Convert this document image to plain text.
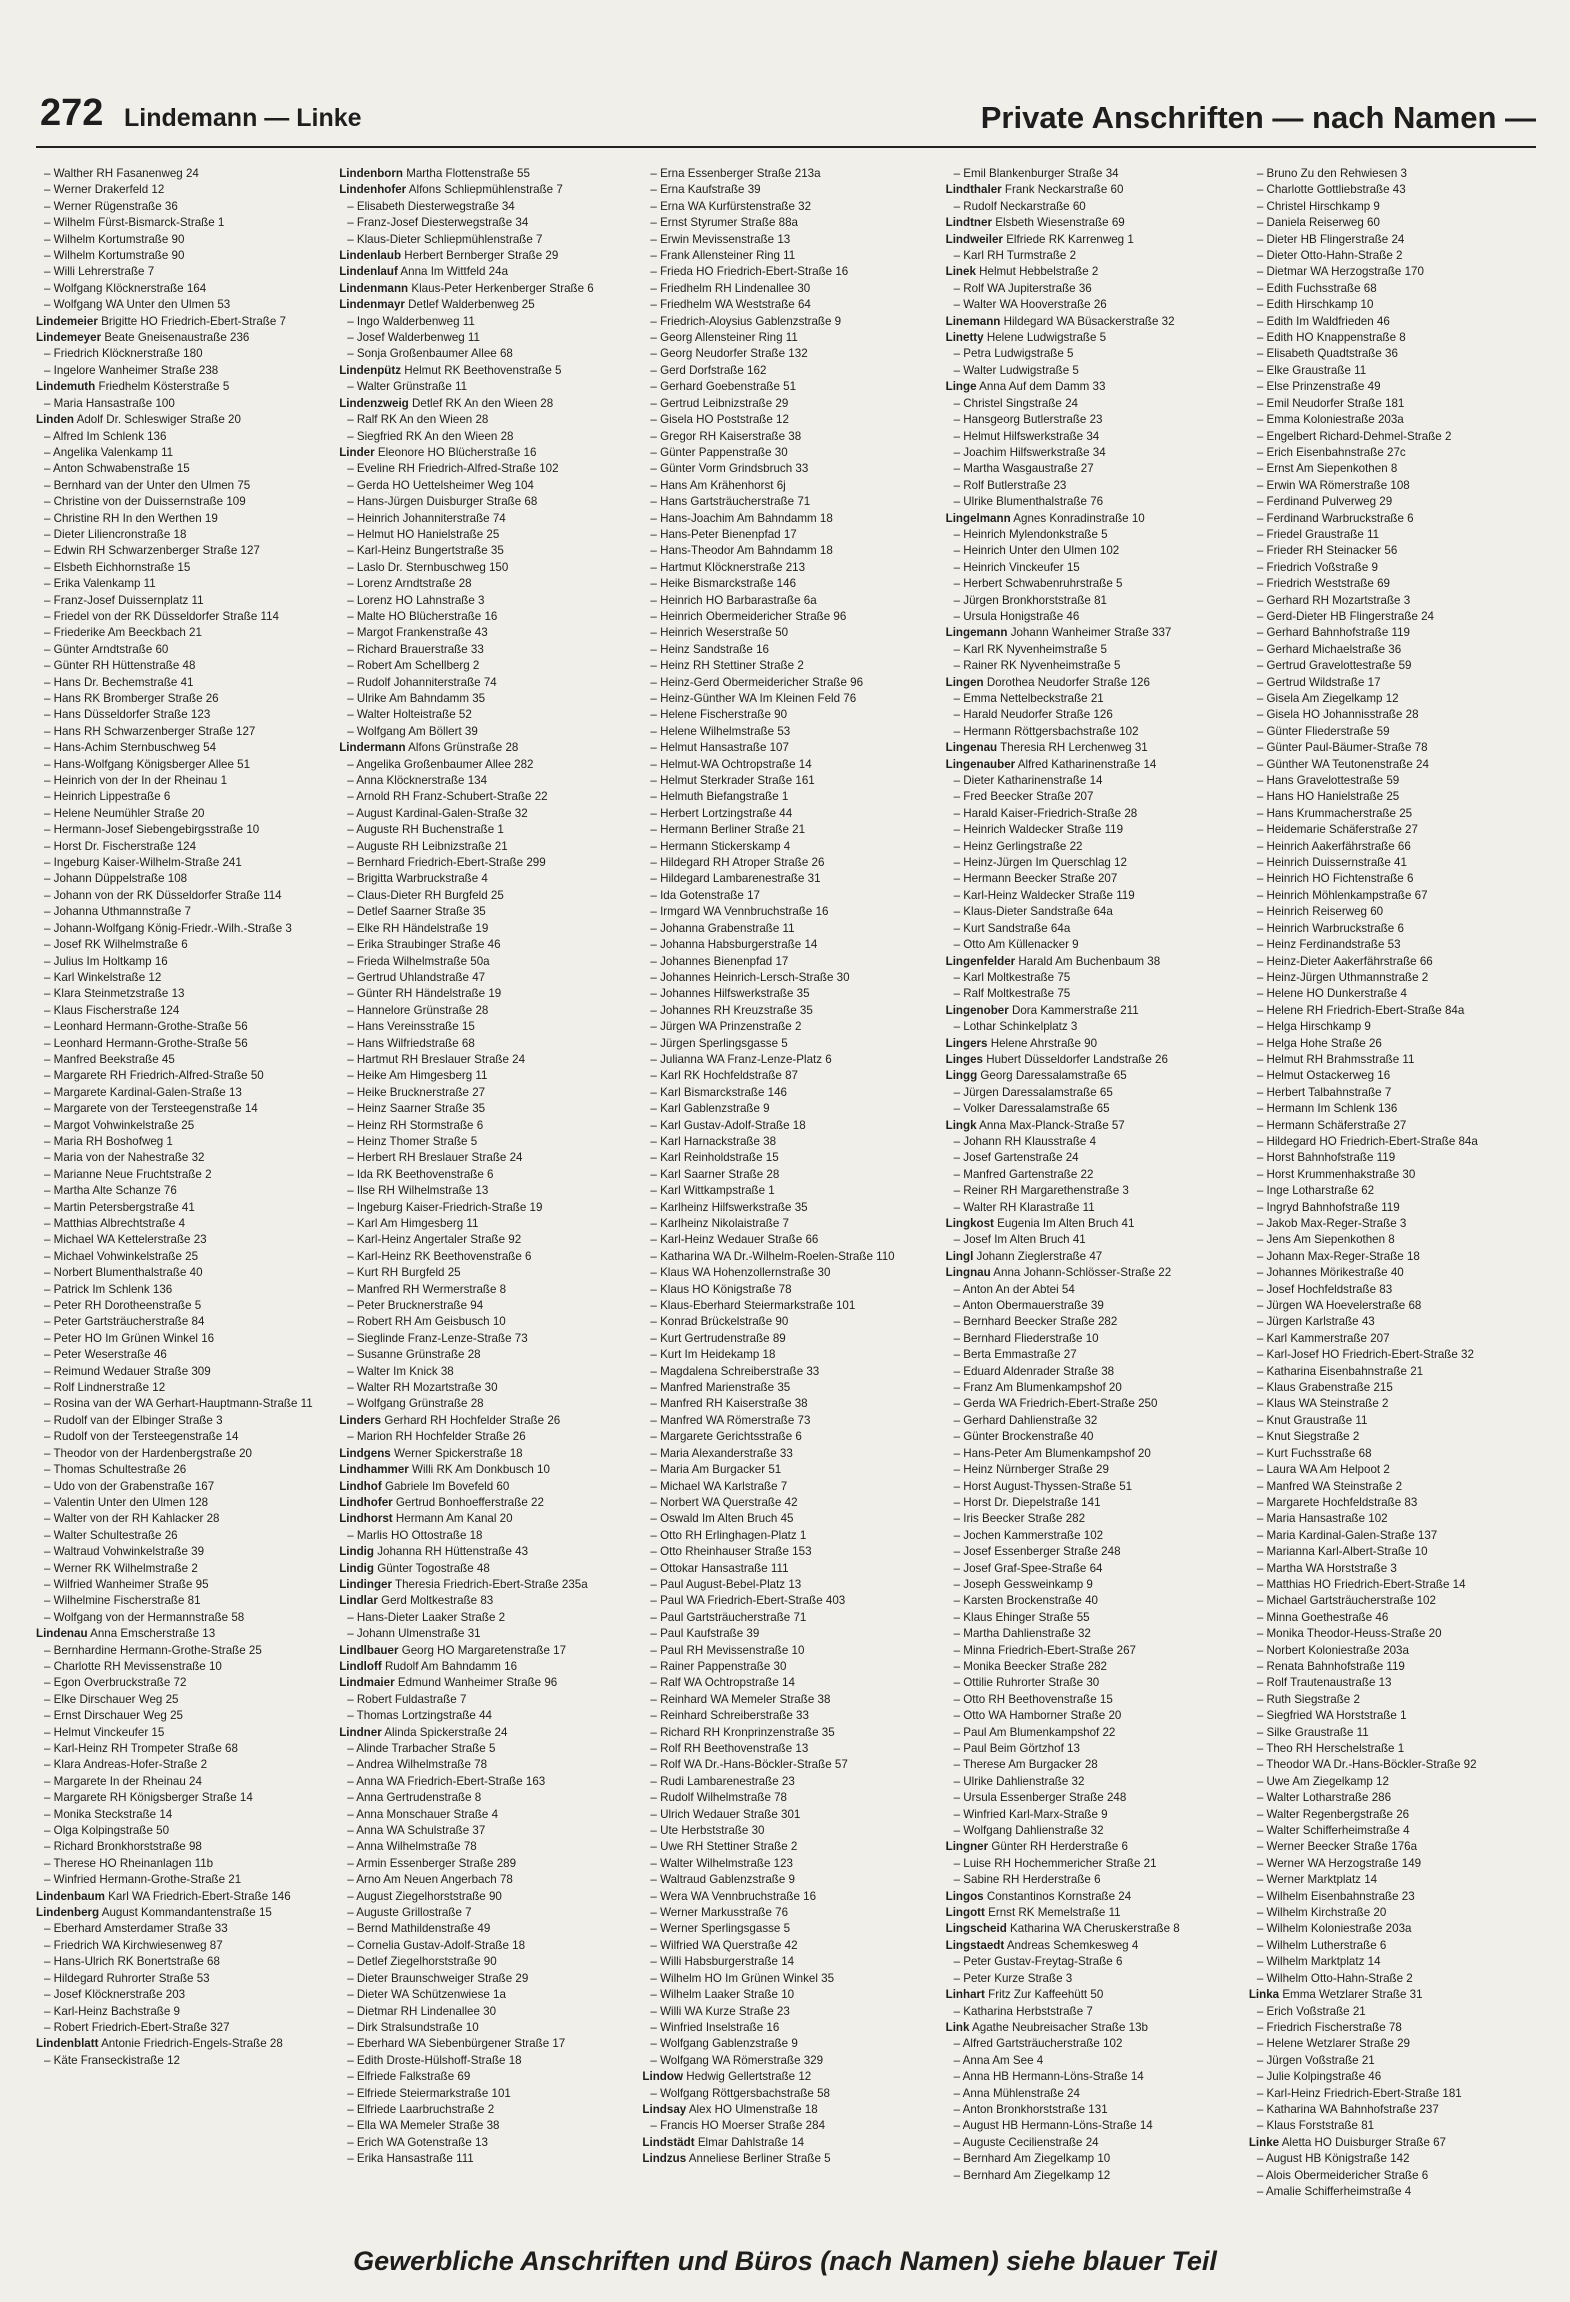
272 Lindemann — Linke	Private Anschriften — nach Namen —
– Walther RH Fasanenweg 24
– Werner Drakerfeld 12
– Werner Rügenstraße 36
– Wilhelm Fürst-Bismarck-Straße 1
– Wilhelm Kortumstraße 90
– Wilhelm Kortumstraße 90
– Willi Lehrerstraße 7
– Wolfgang Klöcknerstraße 164
– Wolfgang WA Unter den Ulmen 53
Lindemeier Brigitte HO Friedrich-Ebert-Straße 7
Lindemeyer Beate Gneisenaustraße 236
– Friedrich Klöcknerstraße 180
– Ingelore Wanheimer Straße 238
Lindemuth Friedhelm Kösterstraße 5
– Maria Hansastraße 100
Linden Adolf Dr. Schleswiger Straße 20
– Alfred Im Schlenk 136
– Angelika Valenkamp 11
– Anton Schwabenstraße 15
– Bernhard van der Unter den Ulmen 75
– Christine von der Duissernstraße 109
– Christine RH In den Werthen 19
– Dieter Liliencronstraße 18
– Edwin RH Schwarzenberger Straße 127
– Elsbeth Eichhornstraße 15
– Erika Valenkamp 11
– Franz-Josef Duissernplatz 11
– Friedel von der RK Düsseldorfer Straße 114
– Friederike Am Beeckbach 21
– Günter Arndtstraße 60
– Günter RH Hüttenstraße 48
– Hans Dr. Bechemstraße 41
– Hans RK Bromberger Straße 26
– Hans Düsseldorfer Straße 123
– Hans RH Schwarzenberger Straße 127
– Hans-Achim Sternbuschweg 54
– Hans-Wolfgang Königsberger Allee 51
– Heinrich von der In der Rheinau 1
– Heinrich Lippestraße 6
– Helene Neumühler Straße 20
– Hermann-Josef Siebengebirgsstraße 10
– Horst Dr. Fischerstraße 124
– Ingeburg Kaiser-Wilhelm-Straße 241
– Johann Düppelstraße 108
– Johann von der RK Düsseldorfer Straße 114
– Johanna Uthmannstraße 7
– Johann-Wolfgang König-Friedr.-Wilh.-Straße 3
– Josef RK Wilhelmstraße 6
– Julius Im Holtkamp 16
– Karl Winkelstraße 12
– Klara Steinmetzstraße 13
– Klaus Fischerstraße 124
– Leonhard Hermann-Grothe-Straße 56
– Leonhard Hermann-Grothe-Straße 56
– Manfred Beekstraße 45
– Margarete RH Friedrich-Alfred-Straße 50
– Margarete Kardinal-Galen-Straße 13
– Margarete von der Tersteegenstraße 14
– Margot Vohwinkelstraße 25
– Maria RH Boshofweg 1
– Maria von der Nahestraße 32
– Marianne Neue Fruchtstraße 2
– Martha Alte Schanze 76
– Martin Petersbergstraße 41
– Matthias Albrechtstraße 4
– Michael WA Kettelerstraße 23
– Michael Vohwinkelstraße 25
– Norbert Blumenthalstraße 40
– Patrick Im Schlenk 136
– Peter RH Dorotheenstraße 5
– Peter Gartsträucherstraße 84
– Peter HO Im Grünen Winkel 16
– Peter Weserstraße 46
– Reimund Wedauer Straße 309
– Rolf Lindnerstraße 12
– Rosina van der WA Gerhart-Hauptmann-Straße 11
– Rudolf van der Elbinger Straße 3
– Rudolf von der Tersteegenstraße 14
– Theodor von der Hardenbergstraße 20
– Thomas Schultestraße 26
– Udo von der Grabenstraße 167
– Valentin Unter den Ulmen 128
– Walter von der RH Kahlacker 28
– Walter Schultestraße 26
– Waltraud Vohwinkelstraße 39
– Werner RK Wilhelmstraße 2
– Wilfried Wanheimer Straße 95
– Wilhelmine Fischerstraße 81
– Wolfgang von der Hermannstraße 58
Lindenau Anna Emscherstraße 13
– Bernhardine Hermann-Grothe-Straße 25
– Charlotte RH Mevissenstraße 10
– Egon Overbruckstraße 72
– Elke Dirschauer Weg 25
– Ernst Dirschauer Weg 25
– Helmut Vinckeufer 15
– Karl-Heinz RH Trompeter Straße 68
– Klara Andreas-Hofer-Straße 2
– Margarete In der Rheinau 24
– Margarete RH Königsberger Straße 14
– Monika Steckstraße 14
– Olga Kolpingstraße 50
– Richard Bronkhorststraße 98
– Therese HO Rheinanlagen 11b
– Winfried Hermann-Grothe-Straße 21
Lindenbaum Karl WA Friedrich-Ebert-Straße 146
Lindenberg August Kommandantenstraße 15
– Eberhard Amsterdamer Straße 33
– Friedrich WA Kirchwiesenweg 87
– Hans-Ulrich RK Bonertstraße 68
– Hildegard Ruhrorter Straße 53
– Josef Klöcknerstraße 203
– Karl-Heinz Bachstraße 9
– Robert Friedrich-Ebert-Straße 327
Lindenblatt Antonie Friedrich-Engels-Straße 28
– Käte Franseckistraße 12
Lindenborn Martha Flottenstraße 55
Lindenhofer Alfons Schliepmühlenstraße 7
– Elisabeth Diesterwegstraße 34
– Franz-Josef Diesterwegstraße 34
– Klaus-Dieter Schliepmühlenstraße 7
Lindenlaub Herbert Bernberger Straße 29
Lindenlauf Anna Im Wittfeld 24a
Lindenmann Klaus-Peter Herkenberger Straße 6
Lindenmayr Detlef Walderbenweg 25
– Ingo Walderbenweg 11
– Josef Walderbenweg 11
– Sonja Großenbaumer Allee 68
Lindenpütz Helmut RK Beethovenstraße 5
– Walter Grünstraße 11
Lindenzweig Detlef RK An den Wieen 28
– Ralf RK An den Wieen 28
– Siegfried RK An den Wieen 28
Linder Eleonore HO Blücherstraße 16
– Eveline RH Friedrich-Alfred-Straße 102
– Gerda HO Uettelsheimer Weg 104
– Hans-Jürgen Duisburger Straße 68
– Heinrich Johanniterstraße 74
– Helmut HO Hanielstraße 25
– Karl-Heinz Bungertstraße 35
– Laslo Dr. Sternbuschweg 150
– Lorenz Arndtstraße 28
– Lorenz HO Lahnstraße 3
– Malte HO Blücherstraße 16
– Margot Frankenstraße 43
– Richard Brauerstraße 33
– Robert Am Schellberg 2
– Rudolf Johanniterstraße 74
– Ulrike Am Bahndamm 35
– Walter Holteistraße 52
– Wolfgang Am Böllert 39
Lindermann Alfons Grünstraße 28
– Angelika Großenbaumer Allee 282
– Anna Klöcknerstraße 134
– Arnold RH Franz-Schubert-Straße 22
– August Kardinal-Galen-Straße 32
– Auguste RH Buchenstraße 1
– Auguste RH Leibnizstraße 21
– Bernhard Friedrich-Ebert-Straße 299
– Brigitta Warbruckstraße 4
– Claus-Dieter RH Burgfeld 25
– Detlef Saarner Straße 35
– Elke RH Händelstraße 19
– Erika Straubinger Straße 46
– Frieda Wilhelmstraße 50a
– Gertrud Uhlandstraße 47
– Günter RH Händelstraße 19
– Hannelore Grünstraße 28
– Hans Vereinsstraße 15
– Hans Wilfriedstraße 68
– Hartmut RH Breslauer Straße 24
– Heike Am Himgesberg 11
– Heike Brucknerstraße 27
– Heinz Saarner Straße 35
– Heinz RH Stormstraße 6
– Heinz Thomer Straße 5
– Herbert RH Breslauer Straße 24
– Ida RK Beethovenstraße 6
– Ilse RH Wilhelmstraße 13
– Ingeburg Kaiser-Friedrich-Straße 19
– Karl Am Himgesberg 11
– Karl-Heinz Angertaler Straße 92
– Karl-Heinz RK Beethovenstraße 6
– Kurt RH Burgfeld 25
– Manfred RH Wermerstraße 8
– Peter Brucknerstraße 94
– Robert RH Am Geisbusch 10
– Sieglinde Franz-Lenze-Straße 73
– Susanne Grünstraße 28
– Walter Im Knick 38
– Walter RH Mozartstraße 30
– Wolfgang Grünstraße 28
Linders Gerhard RH Hochfelder Straße 26
– Marion RH Hochfelder Straße 26
Lindgens Werner Spickerstraße 18
Lindhammer Willi RK Am Donkbusch 10
Lindhof Gabriele Im Bovefeld 60
Lindhofer Gertrud Bonhoefferstraße 22
Lindhorst Hermann Am Kanal 20
– Marlis HO Ottostraße 18
Lindig Johanna RH Hüttenstraße 43
Lindig Günter Togostraße 48
Lindinger Theresia Friedrich-Ebert-Straße 235a
Lindlar Gerd Moltkestraße 83
– Hans-Dieter Laaker Straße 2
– Johann Ulmenstraße 31
Lindlbauer Georg HO Margaretenstraße 17
Lindloff Rudolf Am Bahndamm 16
Lindmaier Edmund Wanheimer Straße 96
– Robert Fuldastraße 7
– Thomas Lortzingstraße 44
Lindner Alinda Spickerstraße 24
– Alinde Trarbacher Straße 5
– Andrea Wilhelmstraße 78
– Anna WA Friedrich-Ebert-Straße 163
– Anna Gertrudenstraße 8
– Anna Monschauer Straße 4
– Anna WA Schulstraße 37
– Anna Wilhelmstraße 78
– Armin Essenberger Straße 289
– Arno Am Neuen Angerbach 78
– August Ziegelhorststraße 90
– Auguste Grillostraße 7
– Bernd Mathildenstraße 49
– Cornelia Gustav-Adolf-Straße 18
– Detlef Ziegelhorststraße 90
– Dieter Braunschweiger Straße 29
– Dieter WA Schützenwiese 1a
– Dietmar RH Lindenallee 30
– Dirk Stralsundstraße 10
– Eberhard WA Siebenbürgener Straße 17
– Edith Droste-Hülshoff-Straße 18
– Elfriede Falkstraße 69
– Elfriede Steiermarkstraße 101
– Elfriede Laarbruchstraße 2
– Ella WA Memeler Straße 38
– Erich WA Gotenstraße 13
– Erika Hansastraße 111
– Erna Essenberger Straße 213a
– Erna Kaufstraße 39
– Erna WA Kurfürstenstraße 32
– Ernst Styrumer Straße 88a
– Erwin Mevissenstraße 13
– Frank Allensteiner Ring 11
– Frieda HO Friedrich-Ebert-Straße 16
– Friedhelm RH Lindenallee 30
– Friedhelm WA Weststraße 64
– Friedrich-Aloysius Gablenzstraße 9
– Georg Allensteiner Ring 11
– Georg Neudorfer Straße 132
– Gerd Dorfstraße 162
– Gerhard Goebenstraße 51
– Gertrud Leibnizstraße 29
– Gisela HO Poststraße 12
– Gregor RH Kaiserstraße 38
– Günter Pappenstraße 30
– Günter Vorm Grindsbruch 33
– Hans Am Krähenhorst 6j
– Hans Gartsträucherstraße 71
– Hans-Joachim Am Bahndamm 18
– Hans-Peter Bienenpfad 17
– Hans-Theodor Am Bahndamm 18
– Hartmut Klöcknerstraße 213
– Heike Bismarckstraße 146
– Heinrich HO Barbarastraße 6a
– Heinrich Obermeidericher Straße 96
– Heinrich Weserstraße 50
– Heinz Sandstraße 16
– Heinz RH Stettiner Straße 2
– Heinz-Gerd Obermeidericher Straße 96
– Heinz-Günther WA Im Kleinen Feld 76
– Helene Fischerstraße 90
– Helene Wilhelmstraße 53
– Helmut Hansastraße 107
– Helmut-WA Ochtropstraße 14
– Helmut Sterkrader Straße 161
– Helmuth Biefangstraße 1
– Herbert Lortzingstraße 44
– Hermann Berliner Straße 21
– Hermann Stickerskamp 4
– Hildegard RH Atroper Straße 26
– Hildegard Lambarenestraße 31
– Ida Gotenstraße 17
– Irmgard WA Vennbruchstraße 16
– Johanna Grabenstraße 11
– Johanna Habsburgerstraße 14
– Johannes Bienenpfad 17
– Johannes Heinrich-Lersch-Straße 30
– Johannes Hilfswerkstraße 35
– Johannes RH Kreuzstraße 35
– Jürgen WA Prinzenstraße 2
– Jürgen Sperlingsgasse 5
– Julianna WA Franz-Lenze-Platz 6
– Karl RK Hochfeldstraße 87
– Karl Bismarckstraße 146
– Karl Gablenzstraße 9
– Karl Gustav-Adolf-Straße 18
– Karl Harnackstraße 38
– Karl Reinholdstraße 15
– Karl Saarner Straße 28
– Karl Wittkampstraße 1
– Karlheinz Hilfswerkstraße 35
– Karlheinz Nikolaistraße 7
– Karl-Heinz Wedauer Straße 66
– Katharina WA Dr.-Wilhelm-Roelen-Straße 110
– Klaus WA Hohenzollernstraße 30
– Klaus HO Königstraße 78
– Klaus-Eberhard Steiermarkstraße 101
– Konrad Brückelstraße 90
– Kurt Gertrudenstraße 89
– Kurt Im Heidekamp 18
– Magdalena Schreiberstraße 33
– Manfred Marienstraße 35
– Manfred RH Kaiserstraße 38
– Manfred WA Römerstraße 73
– Margarete Gerichtsstraße 6
– Maria Alexanderstraße 33
– Maria Am Burgacker 51
– Michael WA Karlstraße 7
– Norbert WA Querstraße 42
– Oswald Im Alten Bruch 45
– Otto RH Erlinghagen-Platz 1
– Otto Rheinhauser Straße 153
– Ottokar Hansastraße 111
– Paul August-Bebel-Platz 13
– Paul WA Friedrich-Ebert-Straße 403
– Paul Gartsträucherstraße 71
– Paul Kaufstraße 39
– Paul RH Mevissenstraße 10
– Rainer Pappenstraße 30
– Ralf WA Ochtropstraße 14
– Reinhard WA Memeler Straße 38
– Reinhard Schreiberstraße 33
– Richard RH Kronprinzenstraße 35
– Rolf RH Beethovenstraße 13
– Rolf WA Dr.-Hans-Böckler-Straße 57
– Rudi Lambarenestraße 23
– Rudolf Wilhelmstraße 78
– Ulrich Wedauer Straße 301
– Ute Herbststraße 30
– Uwe RH Stettiner Straße 2
– Walter Wilhelmstraße 123
– Waltraud Gablenzstraße 9
– Wera WA Vennbruchstraße 16
– Werner Markusstraße 76
– Werner Sperlingsgasse 5
– Wilfried WA Querstraße 42
– Willi Habsburgerstraße 14
– Wilhelm HO Im Grünen Winkel 35
– Wilhelm Laaker Straße 10
– Willi WA Kurze Straße 23
– Winfried Inselstraße 16
– Wolfgang Gablenzstraße 9
– Wolfgang WA Römerstraße 329
Lindow Hedwig Gellertstraße 12
– Wolfgang Röttgersbachstraße 58
Lindsay Alex HO Ulmenstraße 18
– Francis HO Moerser Straße 284
Lindstädt Elmar Dahlstraße 14
Lindzus Anneliese Berliner Straße 5
– Emil Blankenburger Straße 34
Lindthaler Frank Neckarstraße 60
– Rudolf Neckarstraße 60
Lindtner Elsbeth Wiesenstraße 69
Lindweiler Elfriede RK Karrenweg 1
– Karl RH Turmstraße 2
Linek Helmut Hebbelstraße 2
– Rolf WA Jupiterstraße 36
– Walter WA Hooverstraße 26
Linemann Hildegard WA Büsackerstraße 32
Linetty Helene Ludwigstraße 5
– Petra Ludwigstraße 5
– Walter Ludwigstraße 5
Linge Anna Auf dem Damm 33
– Christel Singstraße 24
– Hansgeorg Butlerstraße 23
– Helmut Hilfswerkstraße 34
– Joachim Hilfswerkstraße 34
– Martha Wasgaustraße 27
– Rolf Butlerstraße 23
– Ulrike Blumenthalstraße 76
Lingelmann Agnes Konradinstraße 10
– Heinrich Mylendonkstraße 5
– Heinrich Unter den Ulmen 102
– Heinrich Vinckeufer 15
– Herbert Schwabenruhrstraße 5
– Jürgen Bronkhorststraße 81
– Ursula Honigstraße 46
Lingemann Johann Wanheimer Straße 337
– Karl RK Nyvenheimstraße 5
– Rainer RK Nyvenheimstraße 5
Lingen Dorothea Neudorfer Straße 126
– Emma Nettelbeckstraße 21
– Harald Neudorfer Straße 126
– Hermann Röttgersbachstraße 102
Lingenau Theresia RH Lerchenweg 31
Lingenauber Alfred Katharinenstraße 14
– Dieter Katharinenstraße 14
– Fred Beecker Straße 207
– Harald Kaiser-Friedrich-Straße 28
– Heinrich Waldecker Straße 119
– Heinz Gerlingstraße 22
– Heinz-Jürgen Im Querschlag 12
– Hermann Beecker Straße 207
– Karl-Heinz Waldecker Straße 119
– Klaus-Dieter Sandstraße 64a
– Kurt Sandstraße 64a
– Otto Am Küllenacker 9
Lingenfelder Harald Am Buchenbaum 38
– Karl Moltkestraße 75
– Ralf Moltkestraße 75
Lingenober Dora Kammerstraße 211
– Lothar Schinkelplatz 3
Lingers Helene Ahrstraße 90
Linges Hubert Düsseldorfer Landstraße 26
Lingg Georg Daressalamstraße 65
– Jürgen Daressalamstraße 65
– Volker Daressalamstraße 65
Lingk Anna Max-Planck-Straße 57
– Johann RH Klausstraße 4
– Josef Gartenstraße 24
– Manfred Gartenstraße 22
– Reiner RH Margarethenstraße 3
– Walter RH Klarastraße 11
Lingkost Eugenia Im Alten Bruch 41
– Josef Im Alten Bruch 41
Lingl Johann Zieglerstraße 47
Lingnau Anna Johann-Schlösser-Straße 22
– Anton An der Abtei 54
– Anton Obermauerstraße 39
– Bernhard Beecker Straße 282
– Bernhard Fliederstraße 10
– Berta Emmastraße 27
– Eduard Aldenrader Straße 38
– Franz Am Blumenkampshof 20
– Gerda WA Friedrich-Ebert-Straße 250
– Gerhard Dahlienstraße 32
– Günter Brockenstraße 40
– Hans-Peter Am Blumenkampshof 20
– Heinz Nürnberger Straße 29
– Horst August-Thyssen-Straße 51
– Horst Dr. Diepelstraße 141
– Iris Beecker Straße 282
– Jochen Kammerstraße 102
– Josef Essenberger Straße 248
– Josef Graf-Spee-Straße 64
– Joseph Gessweinkamp 9
– Karsten Brockenstraße 40
– Klaus Ehinger Straße 55
– Martha Dahlienstraße 32
– Minna Friedrich-Ebert-Straße 267
– Monika Beecker Straße 282
– Ottilie Ruhrorter Straße 30
– Otto RH Beethovenstraße 15
– Otto WA Hamborner Straße 20
– Paul Am Blumenkampshof 22
– Paul Beim Görtzhof 13
– Therese Am Burgacker 28
– Ulrike Dahlienstraße 32
– Ursula Essenberger Straße 248
– Winfried Karl-Marx-Straße 9
– Wolfgang Dahlienstraße 32
Lingner Günter RH Herderstraße 6
– Luise RH Hochemmericher Straße 21
– Sabine RH Herderstraße 6
Lingos Constantinos Kornstraße 24
Lingott Ernst RK Memelstraße 11
Lingscheid Katharina WA Cheruskerstraße 8
Lingstaedt Andreas Schemkesweg 4
– Peter Gustav-Freytag-Straße 6
– Peter Kurze Straße 3
Linhart Fritz Zur Kaffeehütt 50
– Katharina Herbststraße 7
Link Agathe Neubreisacher Straße 13b
– Alfred Gartsträucherstraße 102
– Anna Am See 4
– Anna HB Hermann-Löns-Straße 14
– Anna Mühlenstraße 24
– Anton Bronkhorststraße 131
– August HB Hermann-Löns-Straße 14
– Auguste Cecilienstraße 24
– Bernhard Am Ziegelkamp 10
– Bernhard Am Ziegelkamp 12
– Bruno Zu den Rehwiesen 3
– Charlotte Gottliebstraße 43
– Christel Hirschkamp 9
– Daniela Reiserweg 60
– Dieter HB Flingerstraße 24
– Dieter Otto-Hahn-Straße 2
– Dietmar WA Herzogstraße 170
– Edith Fuchsstraße 68
– Edith Hirschkamp 10
– Edith Im Waldfrieden 46
– Edith HO Knappenstraße 8
– Elisabeth Quadtstraße 36
– Elke Graustraße 11
– Else Prinzenstraße 49
– Emil Neudorfer Straße 181
– Emma Koloniestraße 203a
– Engelbert Richard-Dehmel-Straße 2
– Erich Eisenbahnstraße 27c
– Ernst Am Siepenkothen 8
– Erwin WA Römerstraße 108
– Ferdinand Pulverweg 29
– Ferdinand Warbruckstraße 6
– Friedel Graustraße 11
– Frieder RH Steinacker 56
– Friedrich Voßstraße 9
– Friedrich Weststraße 69
– Gerhard RH Mozartstraße 3
– Gerd-Dieter HB Flingerstraße 24
– Gerhard Bahnhofstraße 119
– Gerhard Michaelstraße 36
– Gertrud Gravelottestraße 59
– Gertrud Wildstraße 17
– Gisela Am Ziegelkamp 12
– Gisela HO Johannisstraße 28
– Günter Fliederstraße 59
– Günter Paul-Bäumer-Straße 78
– Günther WA Teutonenstraße 24
– Hans Gravelottestraße 59
– Hans HO Hanielstraße 25
– Hans Krummacherstraße 25
– Heidemarie Schäferstraße 27
– Heinrich Aakerfährstraße 66
– Heinrich Duissernstraße 41
– Heinrich HO Fichtenstraße 6
– Heinrich Möhlenkampstraße 67
– Heinrich Reiserweg 60
– Heinrich Warbruckstraße 6
– Heinz Ferdinandstraße 53
– Heinz-Dieter Aakerfährstraße 66
– Heinz-Jürgen Uthmannstraße 2
– Helene HO Dunkerstraße 4
– Helene RH Friedrich-Ebert-Straße 84a
– Helga Hirschkamp 9
– Helga Hohe Straße 26
– Helmut RH Brahmsstraße 11
– Helmut Ostackerweg 16
– Herbert Talbahnstraße 7
– Hermann Im Schlenk 136
– Hermann Schäferstraße 27
– Hildegard HO Friedrich-Ebert-Straße 84a
– Horst Bahnhofstraße 119
– Horst Krummenhakstraße 30
– Inge Lotharstraße 62
– Ingryd Bahnhofstraße 119
– Jakob Max-Reger-Straße 3
– Jens Am Siepenkothen 8
– Johann Max-Reger-Straße 18
– Johannes Mörikestraße 40
– Josef Hochfeldstraße 83
– Jürgen WA Hoevelerstraße 68
– Jürgen Karlstraße 43
– Karl Kammerstraße 207
– Karl-Josef HO Friedrich-Ebert-Straße 32
– Katharina Eisenbahnstraße 21
– Klaus Grabenstraße 215
– Klaus WA Steinstraße 2
– Knut Graustraße 11
– Knut Siegstraße 2
– Kurt Fuchsstraße 68
– Laura WA Am Helpoot 2
– Manfred WA Steinstraße 2
– Margarete Hochfeldstraße 83
– Maria Hansastraße 102
– Maria Kardinal-Galen-Straße 137
– Marianna Karl-Albert-Straße 10
– Martha WA Horststraße 3
– Matthias HO Friedrich-Ebert-Straße 14
– Michael Gartsträucherstraße 102
– Minna Goethestraße 46
– Monika Theodor-Heuss-Straße 20
– Norbert Koloniestraße 203a
– Renata Bahnhofstraße 119
– Rolf Trautenaustraße 13
– Ruth Siegstraße 2
– Siegfried WA Horststraße 1
– Silke Graustraße 11
– Theo RH Herschelstraße 1
– Theodor WA Dr.-Hans-Böckler-Straße 92
– Uwe Am Ziegelkamp 12
– Walter Lotharstraße 286
– Walter Regenbergstraße 26
– Walter Schifferheimstraße 4
– Werner Beecker Straße 176a
– Werner WA Herzogstraße 149
– Werner Marktplatz 14
– Wilhelm Eisenbahnstraße 23
– Wilhelm Kirchstraße 20
– Wilhelm Koloniestraße 203a
– Wilhelm Lutherstraße 6
– Wilhelm Marktplatz 14
– Wilhelm Otto-Hahn-Straße 2
Linka Emma Wetzlarer Straße 31
– Erich Voßstraße 21
– Friedrich Fischerstraße 78
– Helene Wetzlarer Straße 29
– Jürgen Voßstraße 21
– Julie Kolpingstraße 46
– Karl-Heinz Friedrich-Ebert-Straße 181
– Katharina WA Bahnhofstraße 237
– Klaus Forststraße 81
Linke Aletta HO Duisburger Straße 67
– August HB Königstraße 142
– Alois Obermeidericher Straße 6
– Amalie Schifferheimstraße 4
Gewerbliche Anschriften und Büros (nach Namen) siehe blauer Teil
